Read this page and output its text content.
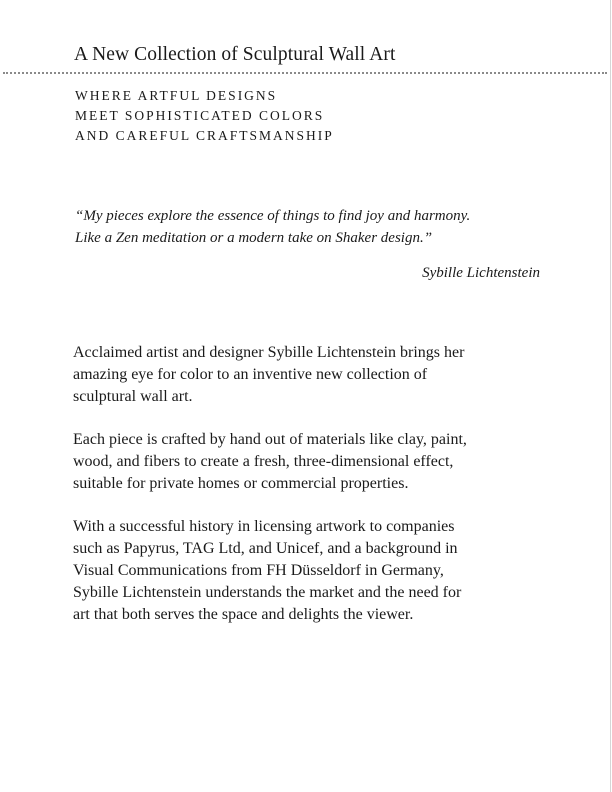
A New Collection of Sculptural Wall Art
WHERE ARTFUL DESIGNS
MEET SOPHISTICATED COLORS
AND CAREFUL CRAFTSMANSHIP
“My pieces explore the essence of things to find joy and harmony.
Like a Zen meditation or a modern take on Shaker design.”

Sybille Lichtenstein

Acclaimed artist and designer Sybille Lichtenstein brings her
amazing eye for color to an inventive new collection of
sculptural wall art.

Each piece is crafted by hand out of materials like clay, paint,
wood, and fibers to create a fresh, three-dimensional effect,
suitable for private homes or commercial properties.

With a successful history in licensing artwork to companies
such as Papyrus, TAG Ltd, and Unicef, and a background in
Visual Communications from FH Düsseldorf in Germany,
Sybille Lichtenstein understands the market and the need for
art that both serves the space and delights the viewer.
